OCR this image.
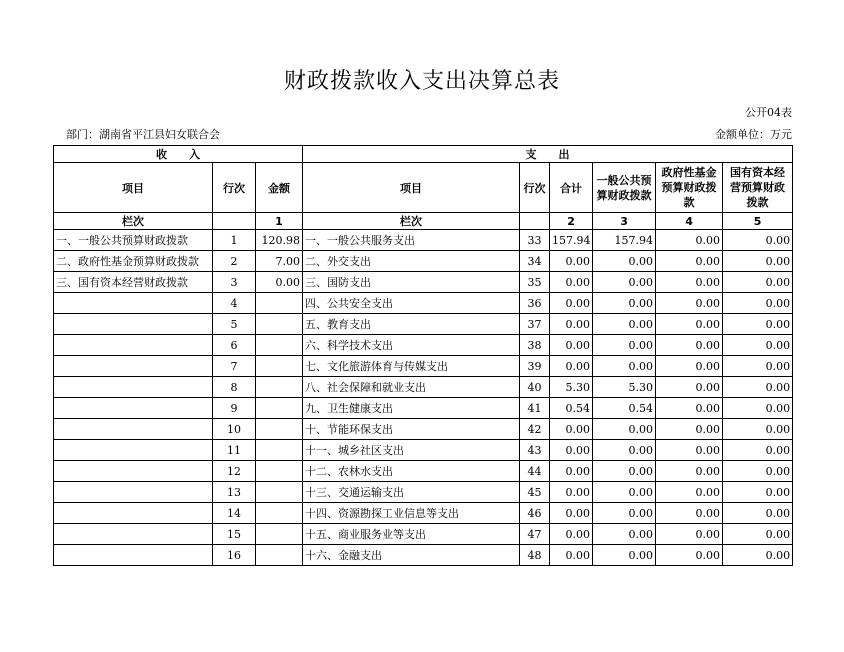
财政拨款收入支出决算总表
公开04表
部门：湖南省平江县妇女联合会	金额单位：万元
收　　入			支　　出					
项目	行次	金额	项目	行次	合计	一般公共预算财政拨款	政府性基金预算财政拨款	国有资本经营预算财政拨款
栏次		1	栏次		2	3	4	5
一、一般公共预算财政拨款	1	120.98	一、一般公共服务支出	33	157.94	157.94	0.00	0.00
二、政府性基金预算财政拨款	2	7.00	二、外交支出	34	0.00	0.00	0.00	0.00
三、国有资本经营财政拨款	3	0.00	三、国防支出	35	0.00	0.00	0.00	0.00
	4		四、公共安全支出	36	0.00	0.00	0.00	0.00
	5		五、教育支出	37	0.00	0.00	0.00	0.00
	6		六、科学技术支出	38	0.00	0.00	0.00	0.00
	7		七、文化旅游体育与传媒支出	39	0.00	0.00	0.00	0.00
	8		八、社会保障和就业支出	40	5.30	5.30	0.00	0.00
	9		九、卫生健康支出	41	0.54	0.54	0.00	0.00
	10		十、节能环保支出	42	0.00	0.00	0.00	0.00
	11		十一、城乡社区支出	43	0.00	0.00	0.00	0.00
	12		十二、农林水支出	44	0.00	0.00	0.00	0.00
	13		十三、交通运输支出	45	0.00	0.00	0.00	0.00
	14		十四、资源勘探工业信息等支出	46	0.00	0.00	0.00	0.00
	15		十五、商业服务业等支出	47	0.00	0.00	0.00	0.00
	16		十六、金融支出	48	0.00	0.00	0.00	0.00
